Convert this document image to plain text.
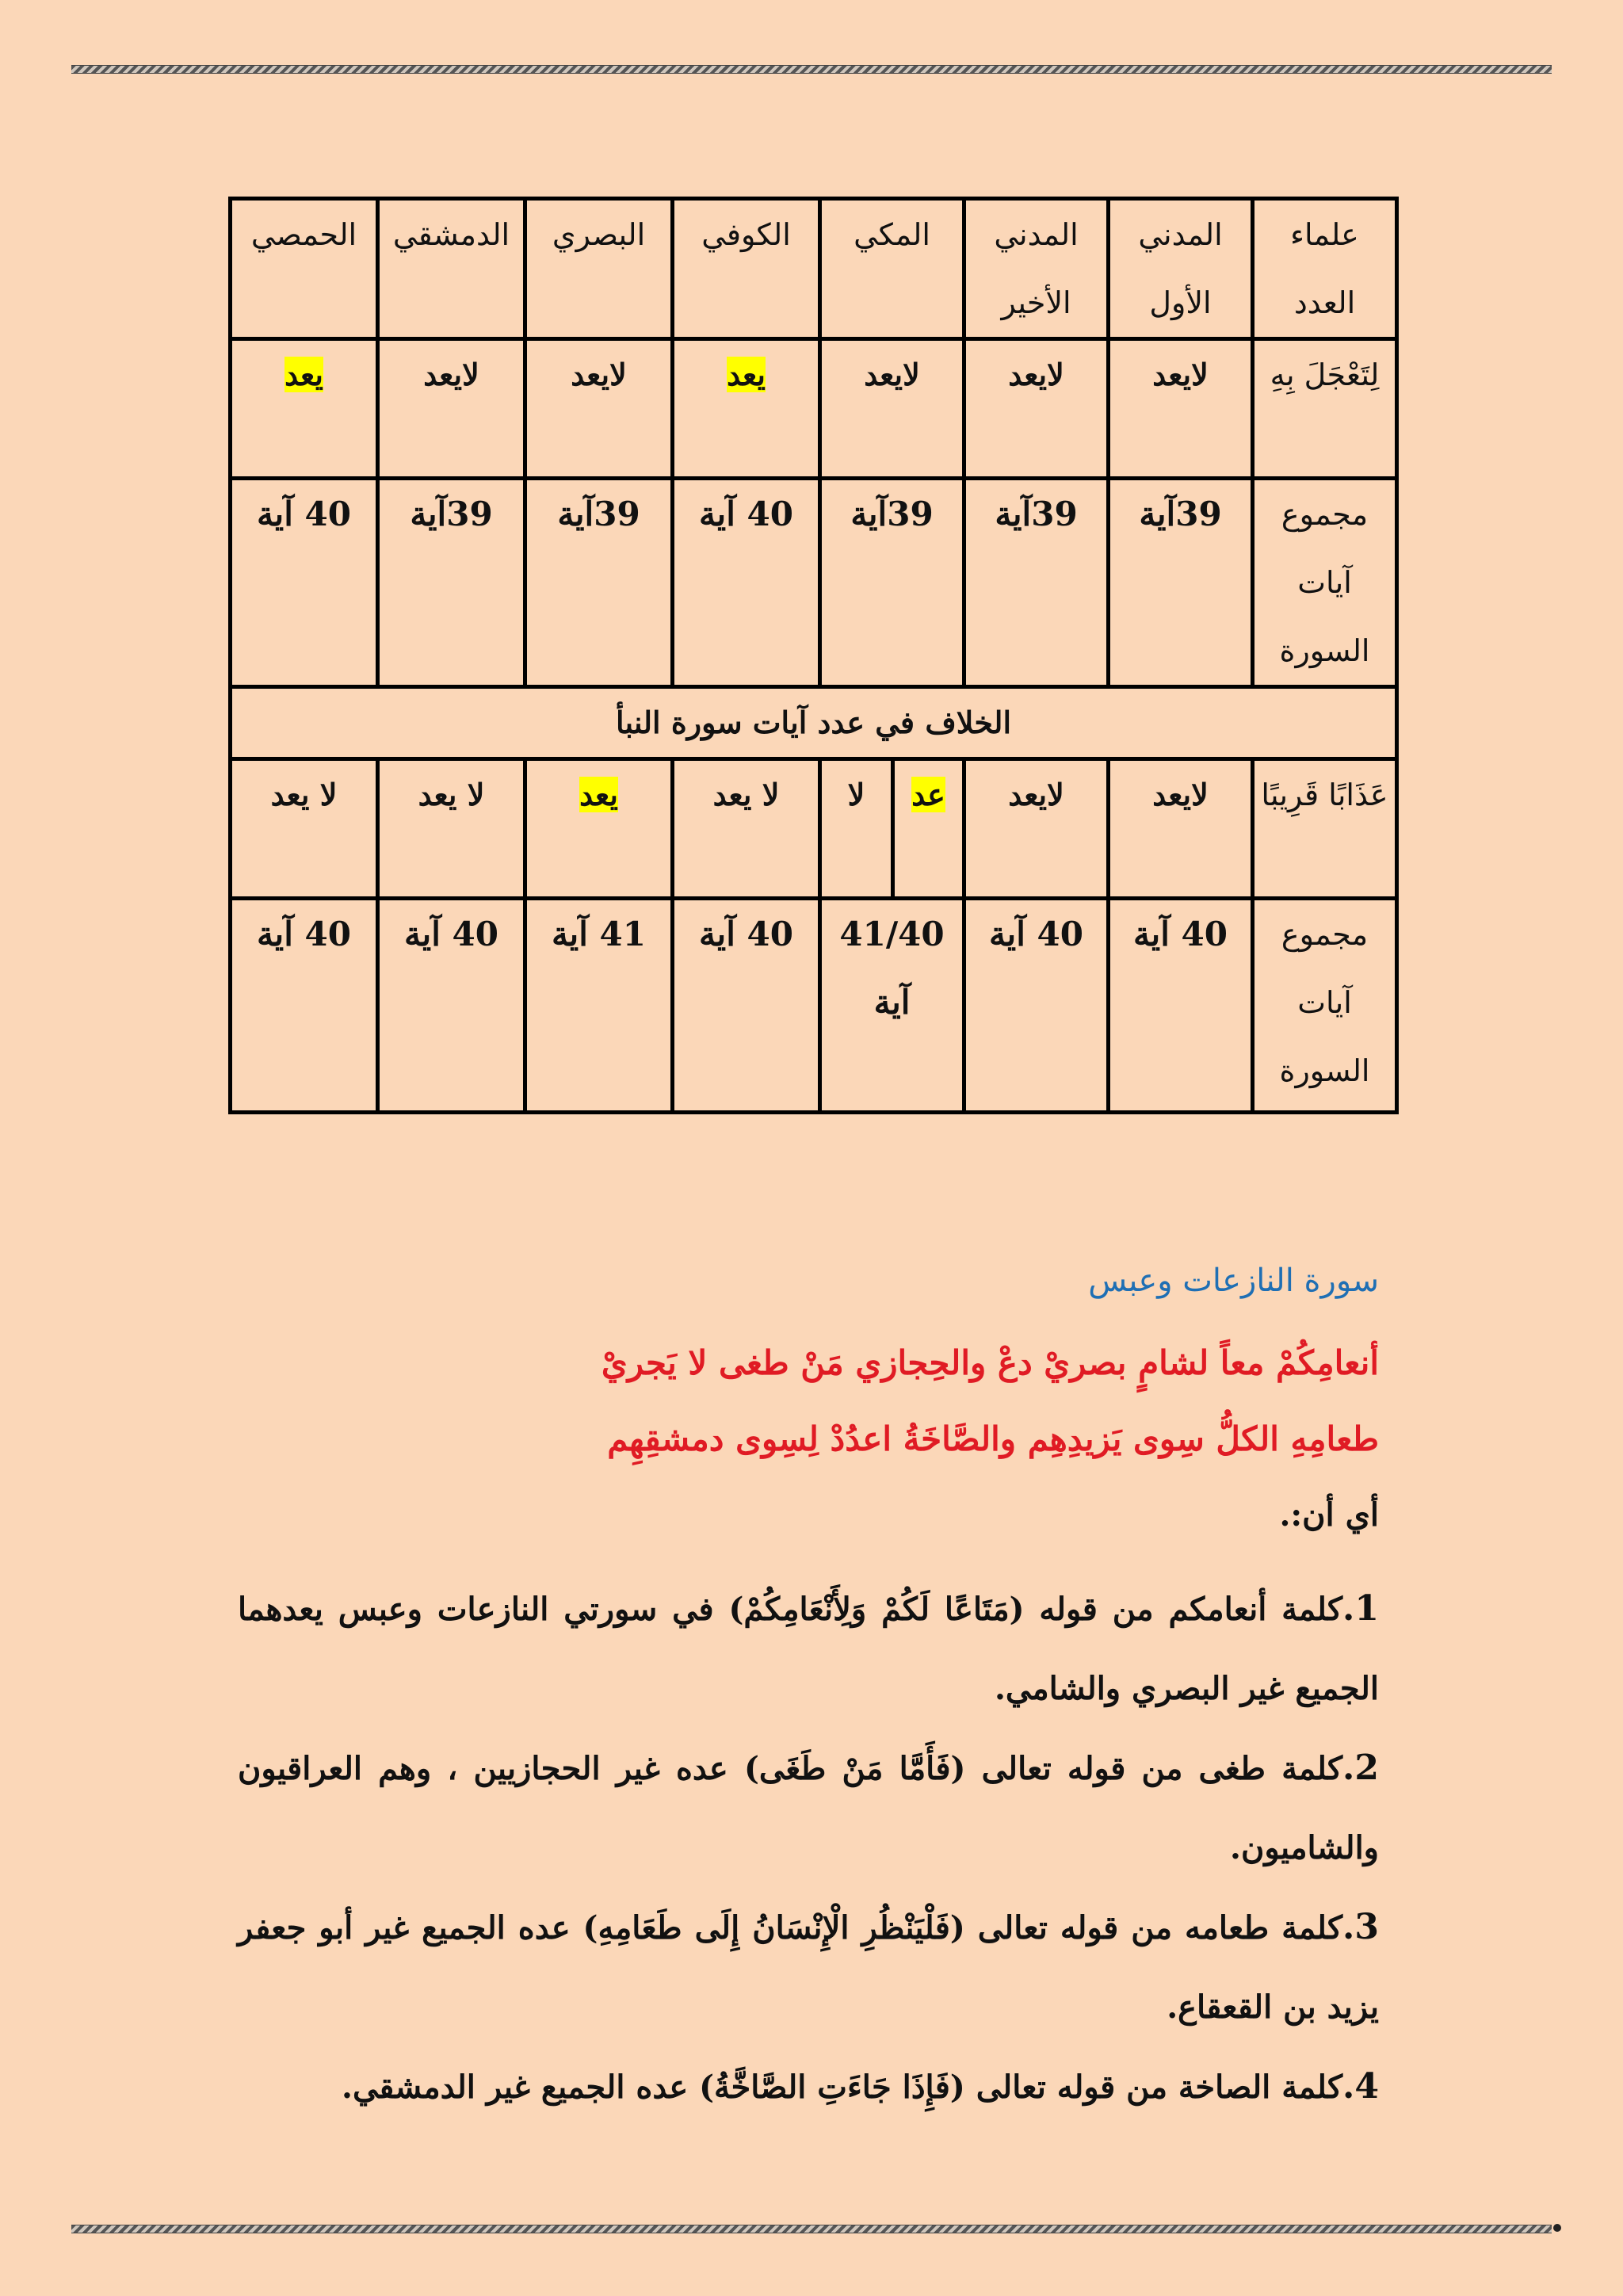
علماء العدد	المدني الأول	المدني الأخير	المكي		الكوفي	البصري	الدمشقي	الحمصي
لِتَعْجَلَ بِهِ	لايعد	لايعد	لايعد		يعد	لايعد	لايعد	يعد
مجموع آيات السورة	39آية	39آية	39آية		40 آية	39آية	39آية	40 آية
الخلاف في عدد آيات سورة النبأ								
عَذَابًا قَرِيبًا	لايعد	لايعد	عد	لا	لا يعد	يعد	لا يعد	لا يعد
مجموع آيات السورة	40 آية	40 آية	41/40 آية		40 آية	41 آية	40 آية	40 آية

سورة النازعات وعبس

أنعامِكُمْ معاً لشامٍ بصريْ دعْ والحِجازي مَنْ طغى لا يَجريْ

طعامِهِ الكلُّ سِوى يَزيدِهِم والصَّاخَةُ اعدُدْ لِسِوى دمشقِهِم

أي أن:.

1.كلمة أنعامكم من قوله (مَتَاعًا لَكُمْ وَلِأَنْعَامِكُمْ) في سورتي النازعات وعبس يعدهما الجميع غير البصري والشامي.

2.كلمة طغى من قوله تعالى (فَأَمَّا مَنْ طَغَى) عده غير الحجازيين ، وهم العراقيون والشاميون.

3.كلمة طعامه من قوله تعالى (فَلْيَنْظُرِ الْإِنْسَانُ إِلَى طَعَامِهِ) عده الجميع غير أبو جعفر يزيد بن القعقاع.

4.كلمة الصاخة من قوله تعالى (فَإِذَا جَاءَتِ الصَّاخَّةُ) عده الجميع غير الدمشقي.
